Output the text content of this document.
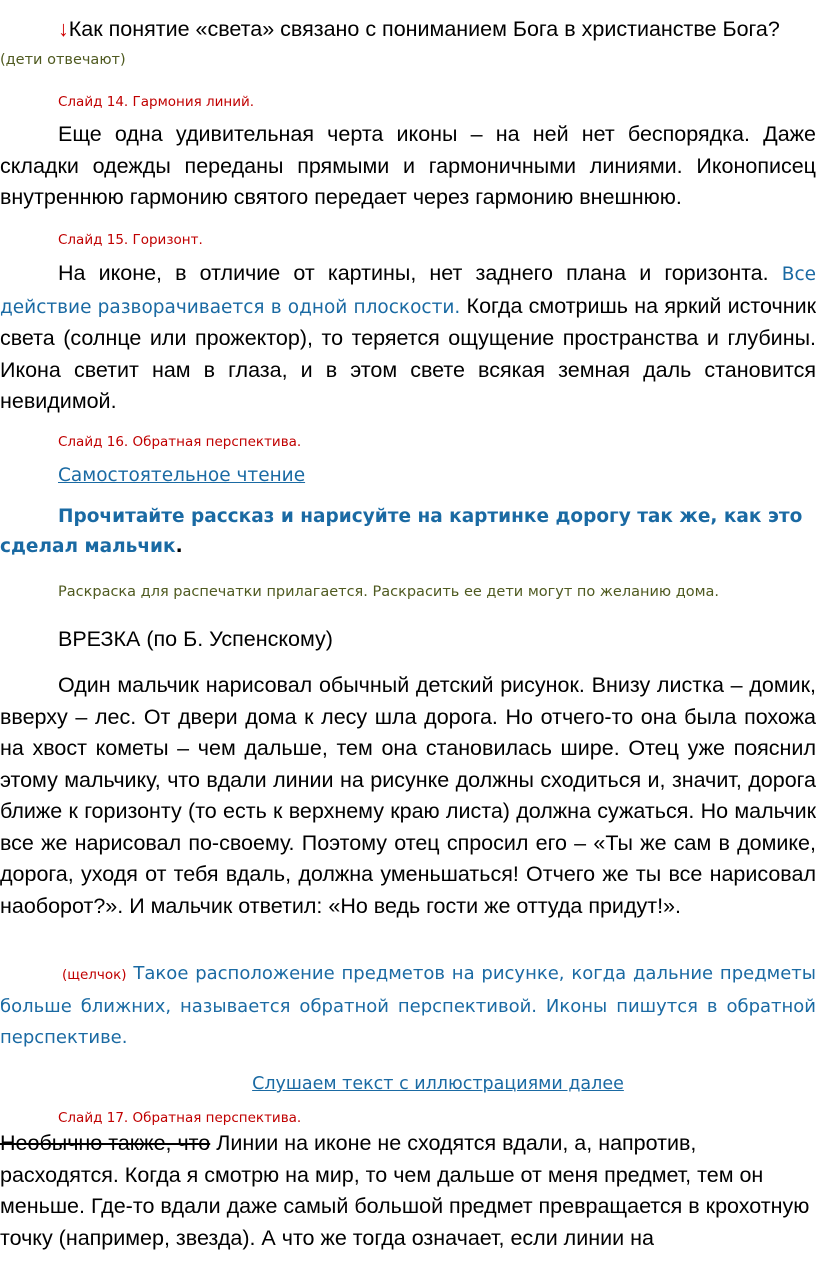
↓Как понятие «света» связано с пониманием Бога в христианстве Бога?
(дети отвечают)
Слайд 14. Гармония линий.
Еще одна удивительная черта иконы – на ней нет беспорядка. Даже складки одежды переданы прямыми и гармоничными линиями. Иконописец внутреннюю гармонию святого передает через гармонию внешнюю.
Слайд 15. Горизонт.
На иконе, в отличие от картины, нет заднего плана и горизонта. Все действие разворачивается в одной плоскости. Когда смотришь на яркий источник света (солнце или прожектор), то теряется ощущение пространства и глубины. Икона светит нам в глаза, и в этом свете всякая земная даль становится невидимой.
Слайд 16. Обратная перспектива.
Самостоятельное чтение
Прочитайте рассказ и нарисуйте на картинке дорогу так же, как это сделал мальчик.
Раскраска для распечатки прилагается. Раскрасить ее дети могут по желанию дома.
ВРЕЗКА (по Б. Успенскому)
Один мальчик нарисовал обычный детский рисунок. Внизу листка – домик, вверху – лес. От двери дома к лесу шла дорога. Но отчего-то она была похожа на хвост кометы – чем дальше, тем она становилась шире. Отец уже пояснил этому мальчику, что вдали линии на рисунке должны сходиться и, значит, дорога ближе к горизонту (то есть к верхнему краю листа) должна сужаться. Но мальчик все же нарисовал по-своему. Поэтому отец спросил его – «Ты же сам в домике, дорога, уходя от тебя вдаль, должна уменьшаться! Отчего же ты все нарисовал наоборот?». И мальчик ответил: «Но ведь гости же оттуда придут!».
(щелчок) Такое расположение предметов на рисунке, когда дальние предметы больше ближних, называется обратной перспективой. Иконы пишутся в обратной перспективе.
Слушаем текст с иллюстрациями далее
Слайд 17. Обратная перспектива.
Необычно также, что Линии на иконе не сходятся вдали, а, напротив, расходятся. Когда я смотрю на мир, то чем дальше от меня предмет, тем он меньше. Где-то вдали даже самый большой предмет превращается в крохотную точку (например, звезда). А что же тогда означает, если линии на
